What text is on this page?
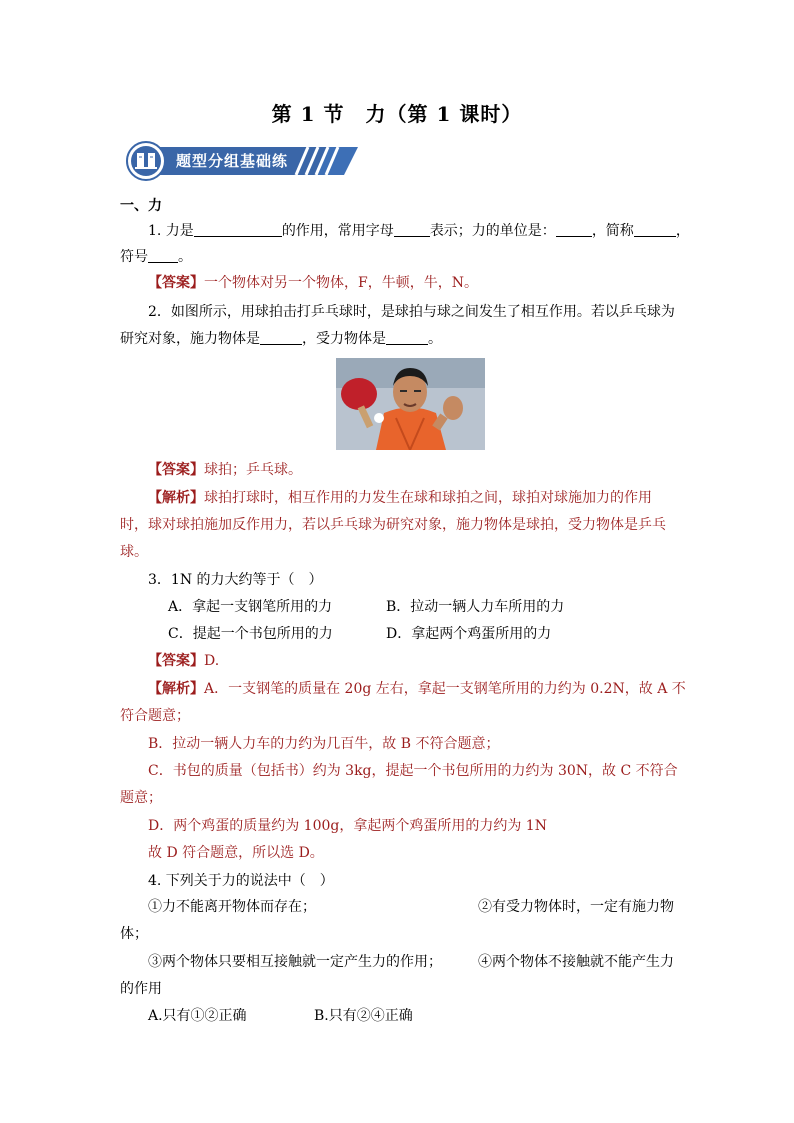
第 1 节　力（第 1 课时）
题型分组基础练
一、力
1. 力是	的作用，常用字母	表示；力的单位是：	，简称	，
符号 。
【答案】一个物体对另一个物体，F，牛顿，牛，N。
2．如图所示，用球拍击打乒乓球时，是球拍与球之间发生了相互作用。若以乒乓球为
研究对象，施力物体是	，受力物体是	。
【答案】球拍；乒乓球。
【解析】球拍打球时，相互作用的力发生在球和球拍之间，球拍对球施加力的作用
时，球对球拍施加反作用力，若以乒乓球为研究对象，施力物体是球拍，受力物体是乒乓
球。
3．1N 的力大约等于（　）
A．拿起一支钢笔所用的力	B．拉动一辆人力车所用的力
C．提起一个书包所用的力	D．拿起两个鸡蛋所用的力
【答案】D.
【解析】A．一支钢笔的质量在 20g 左右，拿起一支钢笔所用的力约为 0.2N，故 A 不
符合题意；
B．拉动一辆人力车的力约为几百牛，故 B 不符合题意；
C．书包的质量（包括书）约为 3kg，提起一个书包所用的力约为 30N，故 C 不符合
题意；
D．两个鸡蛋的质量约为 100g，拿起两个鸡蛋所用的力约为 1N
故 D 符合题意，所以选 D。
4. 下列关于力的说法中（　）
①力不能离开物体而存在；	②有受力物体时，一定有施力物
体；
③两个物体只要相互接触就一定产生力的作用；	④两个物体不接触就不能产生力
的作用
A.只有①②正确	B.只有②④正确
